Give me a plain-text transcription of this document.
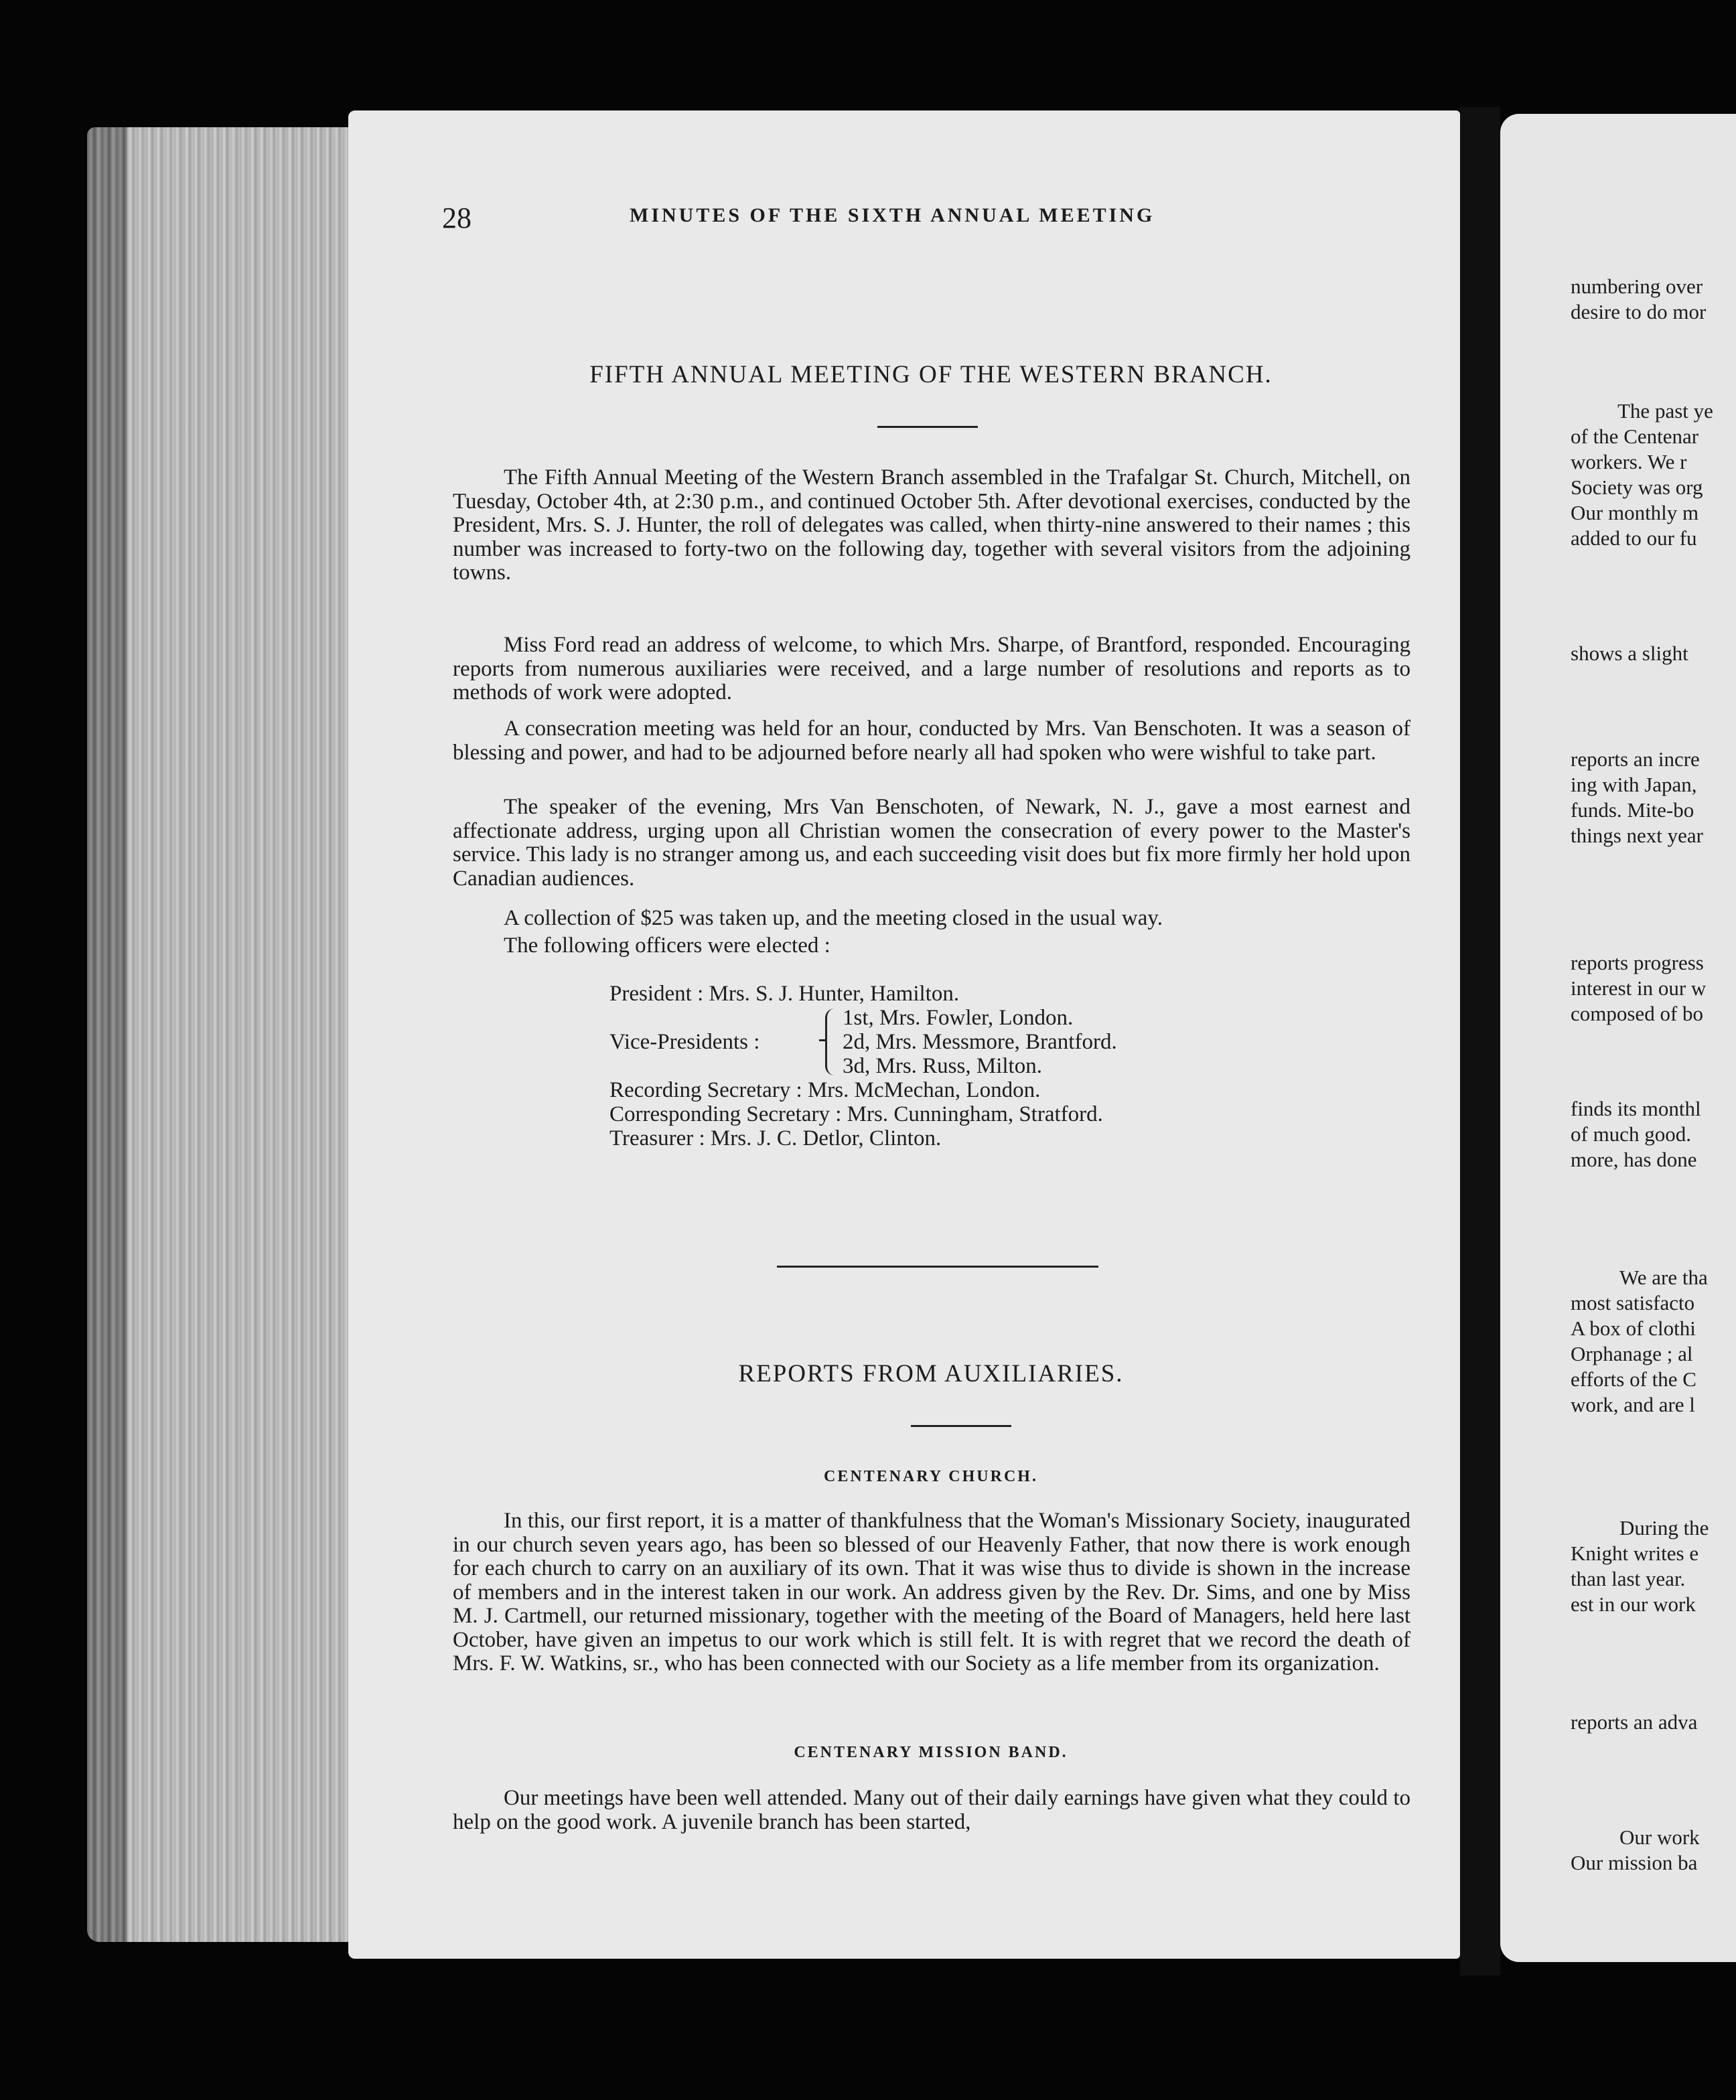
28	MINUTES OF THE SIXTH ANNUAL MEETING
FIFTH ANNUAL MEETING OF THE WESTERN BRANCH.

The Fifth Annual Meeting of the Western Branch assembled in the Trafalgar St. Church, Mitchell, on Tuesday, October 4th, at 2:30 p.m., and continued October 5th. After devotional exercises, conducted by the President, Mrs. S. J. Hunter, the roll of delegates was called, when thirty-nine answered to their names ; this number was increased to forty-two on the following day, together with several visitors from the adjoining towns.

Miss Ford read an address of welcome, to which Mrs. Sharpe, of Brantford, responded. Encouraging reports from numerous auxiliaries were received, and a large number of resolutions and reports as to methods of work were adopted.

A consecration meeting was held for an hour, conducted by Mrs. Van Benschoten. It was a season of blessing and power, and had to be adjourned before nearly all had spoken who were wishful to take part.

The speaker of the evening, Mrs Van Benschoten, of Newark, N. J., gave a most earnest and affectionate address, urging upon all Christian women the consecration of every power to the Master's service. This lady is no stranger among us, and each succeeding visit does but fix more firmly her hold upon Canadian audiences.

A collection of $25 was taken up, and the meeting closed in the usual way.

The following officers were elected :

President : Mrs. S. J. Hunter, Hamilton.
Vice-Presidents :
1st, Mrs. Fowler, London.
2d, Mrs. Messmore, Brantford.
3d, Mrs. Russ, Milton.
Recording Secretary : Mrs. McMechan, London.
Corresponding Secretary : Mrs. Cunningham, Stratford.
Treasurer : Mrs. J. C. Detlor, Clinton.
REPORTS FROM AUXILIARIES.
CENTENARY CHURCH.

In this, our first report, it is a matter of thankfulness that the Woman's Missionary Society, inaugurated in our church seven years ago, has been so blessed of our Heavenly Father, that now there is work enough for each church to carry on an auxiliary of its own. That it was wise thus to divide is shown in the increase of members and in the interest taken in our work. An address given by the Rev. Dr. Sims, and one by Miss M. J. Cartmell, our returned missionary, together with the meeting of the Board of Managers, held here last October, have given an impetus to our work which is still felt. It is with regret that we record the death of Mrs. F. W. Watkins, sr., who has been connected with our Society as a life member from its organization.

CENTENARY MISSION BAND.

Our meetings have been well attended. Many out of their daily earnings have given what they could to help on the good work. A juvenile branch has been started,

numbering over
desire to do mor
The past ye
of the Centenar
workers. We r
Society was org
Our monthly m
added to our fu
shows a slight
reports an incre
ing with Japan,
funds. Mite-bo
things next year
reports progress
interest in our w
composed of bo
finds its monthl
of much good.
more, has done
We are tha
most satisfacto
A box of clothi
Orphanage ; al
efforts of the C
work, and are l
During the
Knight writes e
than last year.
est in our work
reports an adva
Our work
Our mission ba
